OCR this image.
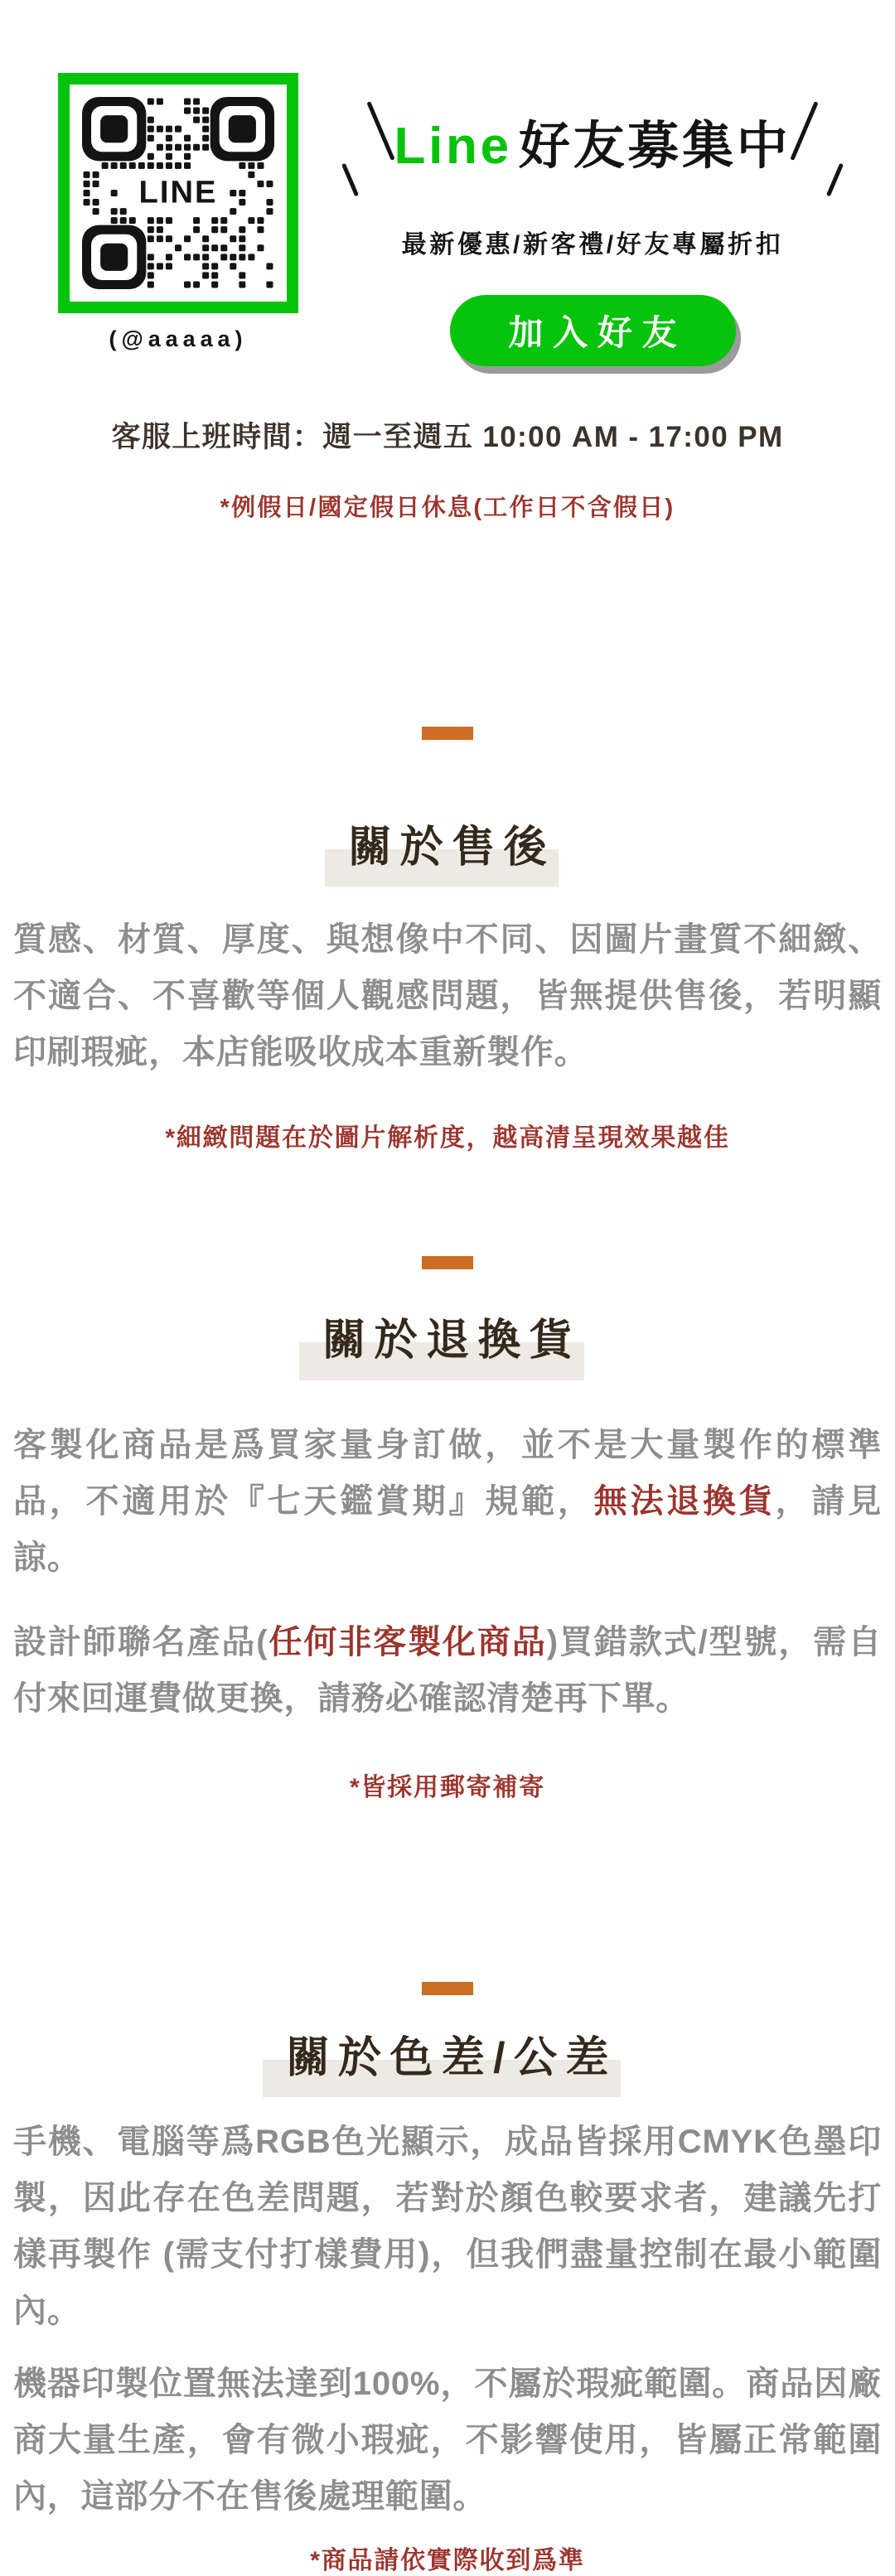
LINE
(@aaaaa)
Line 好友募集中
最新優惠/新客禮/好友專屬折扣
加入好友
客服上班時間：週一至週五 10:00 AM - 17:00 PM
*例假日/國定假日休息(工作日不含假日)
關於售後

質感、材質、厚度、與想像中不同、因圖片畫質不細緻、不適合、不喜歡等個人觀感問題，皆無提供售後，若明顯印刷瑕疵，本店能吸收成本重新製作。

*細緻問題在於圖片解析度，越高清呈現效果越佳
關於退換貨

客製化商品是爲買家量身訂做，並不是大量製作的標準品，不適用於『七天鑑賞期』規範，無法退換貨，請見諒。

設計師聯名產品(任何非客製化商品)買錯款式/型號，需自付來回運費做更換，請務必確認清楚再下單。

*皆採用郵寄補寄
關於色差/公差

手機、電腦等爲RGB色光顯示，成品皆採用CMYK色墨印製，因此存在色差問題，若對於顏色較要求者，建議先打樣再製作 (需支付打樣費用)，但我們盡量控制在最小範圍內。

機器印製位置無法達到100%，不屬於瑕疵範圍。商品因廠商大量生產，會有微小瑕疵，不影響使用，皆屬正常範圍內，這部分不在售後處理範圍。

*商品請依實際收到爲準
